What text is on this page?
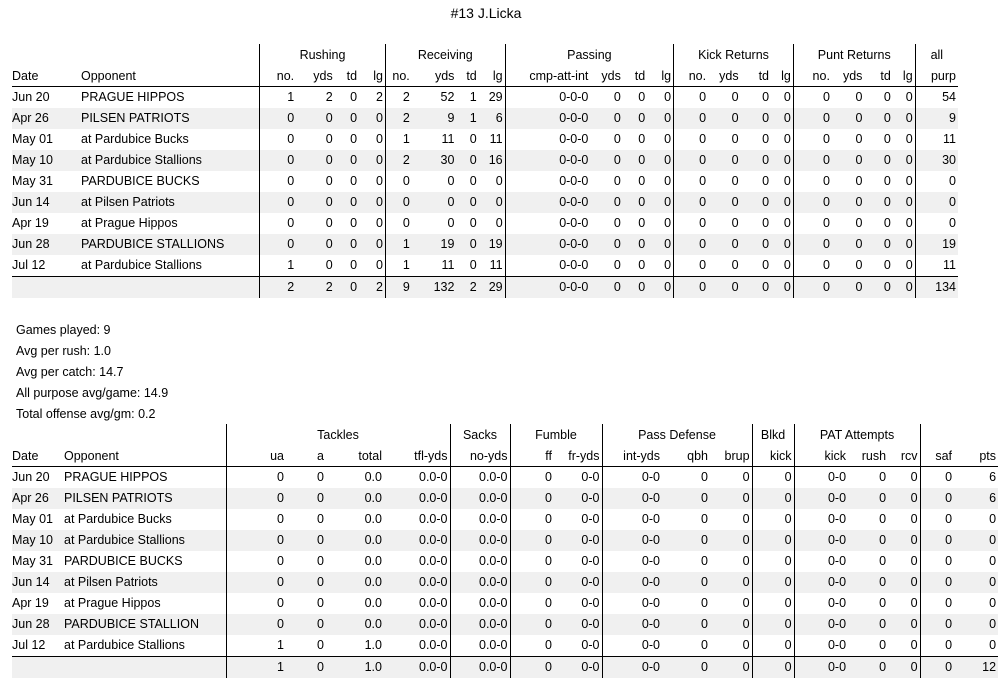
#13 J.Licka
		Rushing				Receiving				Passing				Kick Returns				Punt Returns				all
Date	Opponent	no.	yds	td	lg	no.	yds	td	lg	cmp-att-int	yds	td	lg	no.	yds	td	lg	no.	yds	td	lg	purp
Jun 20	PRAGUE HIPPOS	1	2	0	2	2	52	1	29	0-0-0	0	0	0	0	0	0	0	0	0	0	0	54
Apr 26	PILSEN PATRIOTS	0	0	0	0	2	9	1	6	0-0-0	0	0	0	0	0	0	0	0	0	0	0	9
May 01	at Pardubice Bucks	0	0	0	0	1	11	0	11	0-0-0	0	0	0	0	0	0	0	0	0	0	0	11
May 10	at Pardubice Stallions	0	0	0	0	2	30	0	16	0-0-0	0	0	0	0	0	0	0	0	0	0	0	30
May 31	PARDUBICE BUCKS	0	0	0	0	0	0	0	0	0-0-0	0	0	0	0	0	0	0	0	0	0	0	0
Jun 14	at Pilsen Patriots	0	0	0	0	0	0	0	0	0-0-0	0	0	0	0	0	0	0	0	0	0	0	0
Apr 19	at Prague Hippos	0	0	0	0	0	0	0	0	0-0-0	0	0	0	0	0	0	0	0	0	0	0	0
Jun 28	PARDUBICE STALLIONS	0	0	0	0	1	19	0	19	0-0-0	0	0	0	0	0	0	0	0	0	0	0	19
Jul 12	at Pardubice Stallions	1	0	0	0	1	11	0	11	0-0-0	0	0	0	0	0	0	0	0	0	0	0	11
		2	2	0	2	9	132	2	29	0-0-0	0	0	0	0	0	0	0	0	0	0	0	134
Games played: 9
Avg per rush: 1.0
Avg per catch: 14.7
All purpose avg/game: 14.9
Total offense avg/gm: 0.2
		Tackles				Sacks	Fumble		Pass Defense			Blkd	PAT Attempts				
Date	Opponent	ua	a	total	tfl-yds	no-yds	ff	fr-yds	int-yds	qbh	brup	kick	kick	rush	rcv	saf	pts
Jun 20	PRAGUE HIPPOS	0	0	0.0	0.0-0	0.0-0	0	0-0	0-0	0	0	0	0-0	0	0	0	6
Apr 26	PILSEN PATRIOTS	0	0	0.0	0.0-0	0.0-0	0	0-0	0-0	0	0	0	0-0	0	0	0	6
May 01	at Pardubice Bucks	0	0	0.0	0.0-0	0.0-0	0	0-0	0-0	0	0	0	0-0	0	0	0	0
May 10	at Pardubice Stallions	0	0	0.0	0.0-0	0.0-0	0	0-0	0-0	0	0	0	0-0	0	0	0	0
May 31	PARDUBICE BUCKS	0	0	0.0	0.0-0	0.0-0	0	0-0	0-0	0	0	0	0-0	0	0	0	0
Jun 14	at Pilsen Patriots	0	0	0.0	0.0-0	0.0-0	0	0-0	0-0	0	0	0	0-0	0	0	0	0
Apr 19	at Prague Hippos	0	0	0.0	0.0-0	0.0-0	0	0-0	0-0	0	0	0	0-0	0	0	0	0
Jun 28	PARDUBICE STALLION	0	0	0.0	0.0-0	0.0-0	0	0-0	0-0	0	0	0	0-0	0	0	0	0
Jul 12	at Pardubice Stallions	1	0	1.0	0.0-0	0.0-0	0	0-0	0-0	0	0	0	0-0	0	0	0	0
		1	0	1.0	0.0-0	0.0-0	0	0-0	0-0	0	0	0	0-0	0	0	0	12
